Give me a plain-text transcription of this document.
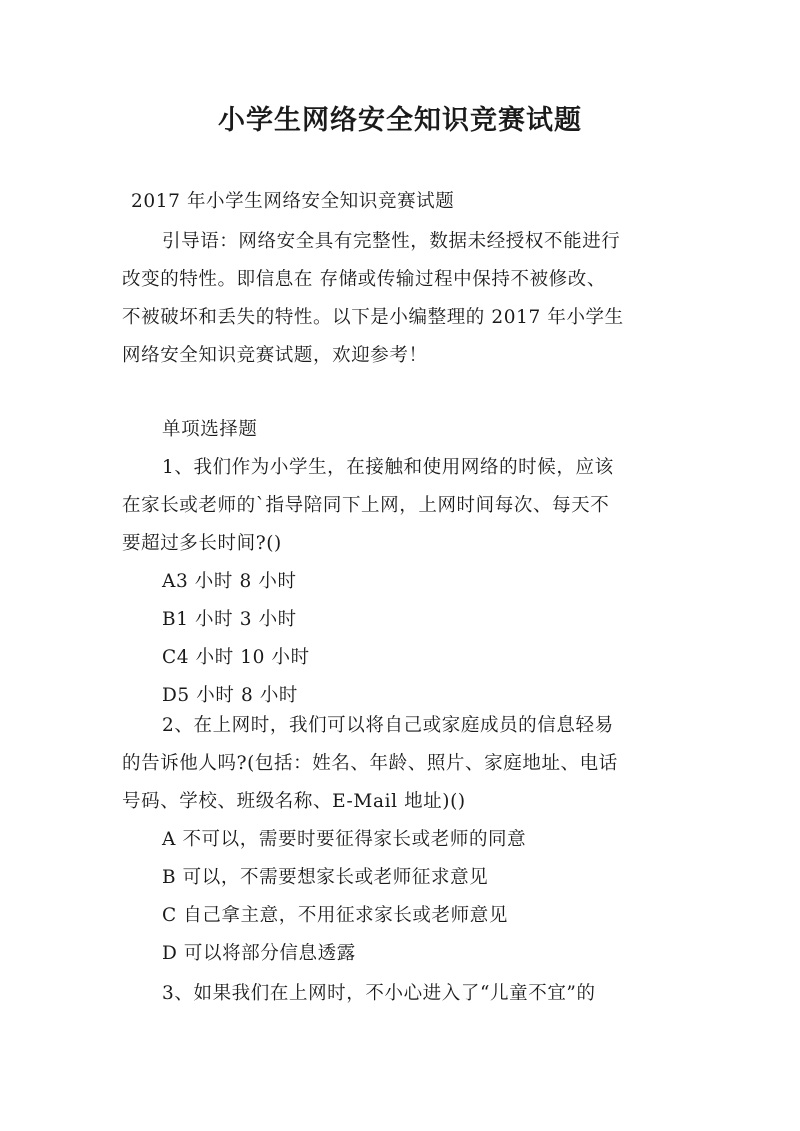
小学生网络安全知识竞赛试题
2017 年小学生网络安全知识竞赛试题
引导语：网络安全具有完整性，数据未经授权不能进行
改变的特性。即信息在 存储或传输过程中保持不被修改、
不被破坏和丢失的特性。以下是小编整理的 2017 年小学生
网络安全知识竞赛试题，欢迎参考！
单项选择题
1、我们作为小学生，在接触和使用网络的时候，应该
在家长或老师的`指导陪同下上网，上网时间每次、每天不
要超过多长时间?()
A3 小时 8 小时
B1 小时 3 小时
C4 小时 10 小时
D5 小时 8 小时
2、在上网时，我们可以将自己或家庭成员的信息轻易
的告诉他人吗?(包括：姓名、年龄、照片、家庭地址、电话
号码、学校、班级名称、E-Mail 地址)()
A 不可以，需要时要征得家长或老师的同意
B 可以，不需要想家长或老师征求意见
C 自己拿主意，不用征求家长或老师意见
D 可以将部分信息透露
3、如果我们在上网时，不小心进入了“儿童不宜”的
